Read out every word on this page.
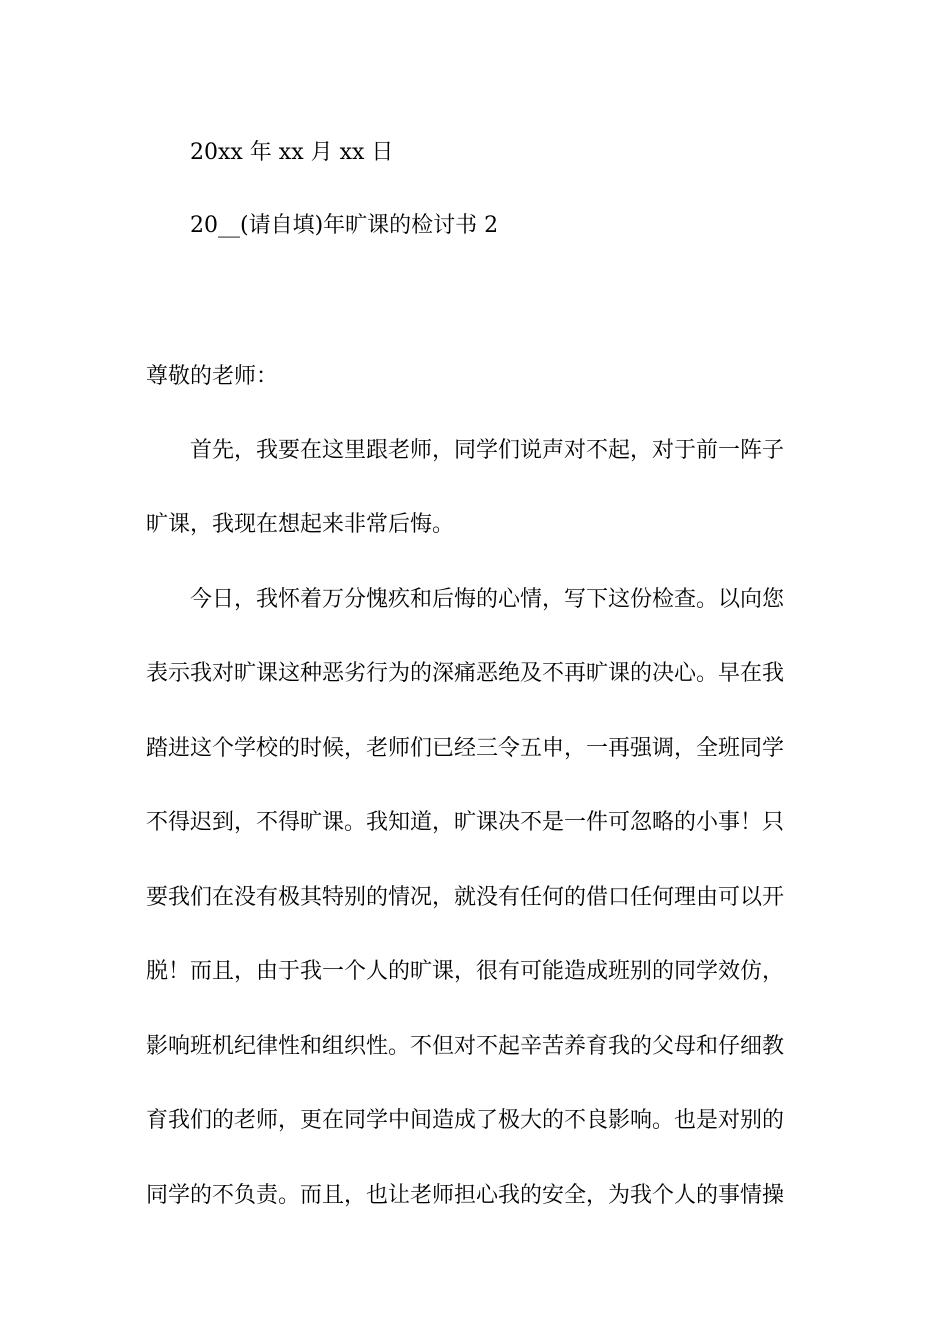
20xx 年 xx 月 xx 日
20__(请自填)年旷课的检讨书 2
尊敬的老师：
首先，我要在这里跟老师，同学们说声对不起，对于前一阵子
旷课，我现在想起来非常后悔。
今日，我怀着万分愧疚和后悔的心情，写下这份检查。以向您
表示我对旷课这种恶劣行为的深痛恶绝及不再旷课的决心。早在我
踏进这个学校的时候，老师们已经三令五申，一再强调，全班同学
不得迟到，不得旷课。我知道，旷课决不是一件可忽略的小事！只
要我们在没有极其特别的情况，就没有任何的借口任何理由可以开
脱！而且，由于我一个人的旷课，很有可能造成班别的同学效仿，
影响班机纪律性和组织性。不但对不起辛苦养育我的父母和仔细教
育我们的老师，更在同学中间造成了极大的不良影响。也是对别的
同学的不负责。而且，也让老师担心我的安全，为我个人的事情操
